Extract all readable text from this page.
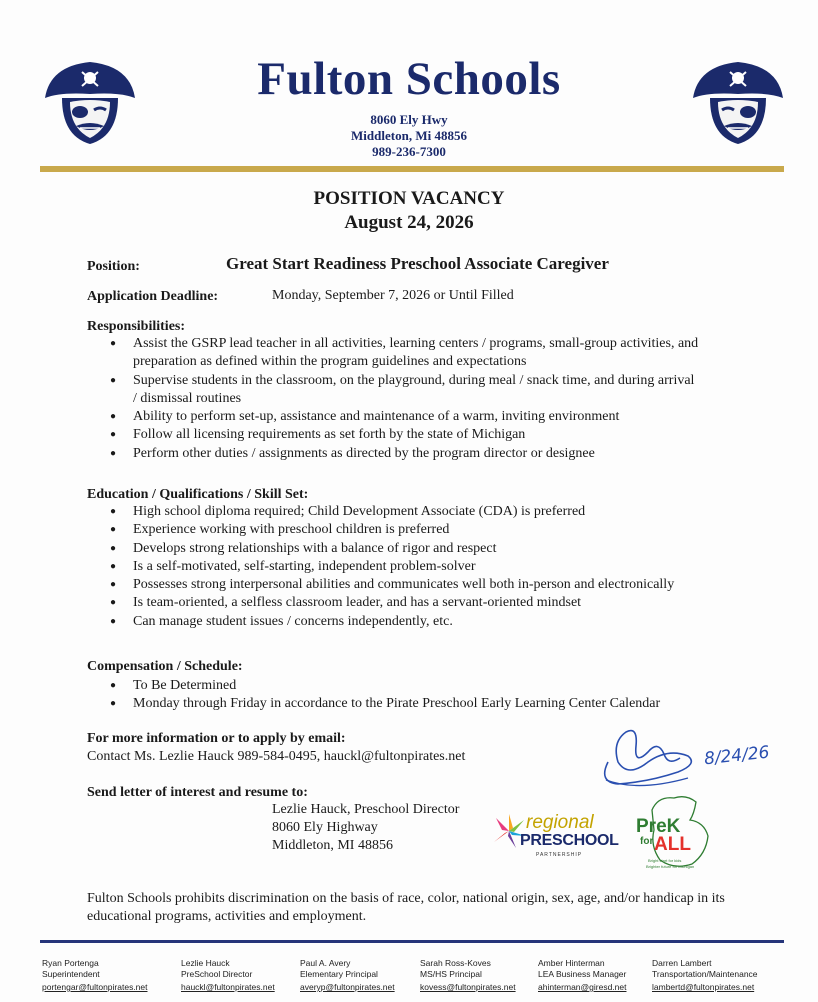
Fulton Schools
8060 Ely Hwy
Middleton, Mi 48856
989-236-7300
POSITION VACANCY
August 24, 2026
Position:	Great Start Readiness Preschool Associate Caregiver
Application Deadline:	Monday, September 7, 2026 or Until Filled
Responsibilities:
● Assist the GSRP lead teacher in all activities, learning centers / programs, small-group activities, and preparation as defined within the program guidelines and expectations
● Supervise students in the classroom, on the playground, during meal / snack time, and during arrival / dismissal routines
● Ability to perform set-up, assistance and maintenance of a warm, inviting environment
● Follow all licensing requirements as set forth by the state of Michigan
● Perform other duties / assignments as directed by the program director or designee
Education / Qualifications / Skill Set:
● High school diploma required; Child Development Associate (CDA) is preferred
● Experience working with preschool children is preferred
● Develops strong relationships with a balance of rigor and respect
● Is a self-motivated, self-starting, independent problem-solver
● Possesses strong interpersonal abilities and communicates well both in-person and electronically
● Is team-oriented, a selfless classroom leader, and has a servant-oriented mindset
● Can manage student issues / concerns independently, etc.
Compensation / Schedule:
● To Be Determined
● Monday through Friday in accordance to the Pirate Preschool Early Learning Center Calendar
For more information or to apply by email:
Contact Ms. Lezlie Hauck 989-584-0495, hauckl@fultonpirates.net
Send letter of interest and resume to:
Lezlie Hauck, Preschool Director
8060 Ely Highway
Middleton, MI 48856
8/24/26
regional
PRESCHOOL
PARTNERSHIP
PreK
for ALL
Bright start for kids
Brighter future for Michigan
Fulton Schools prohibits discrimination on the basis of race, color, national origin, sex, age, and/or handicap in its educational programs, activities and employment.
Ryan Portenga
Superintendent
portengar@fultonpirates.net
Lezlie Hauck
PreSchool Director
hauckl@fultonpirates.net
Paul A. Avery
Elementary Principal
averyp@fultonpirates.net
Sarah Ross-Koves
MS/HS Principal
kovess@fultonpirates.net
Amber Hinterman
LEA Business Manager
ahinterman@giresd.net
Darren Lambert
Transportation/Maintenance
lambertd@fultonpirates.net
